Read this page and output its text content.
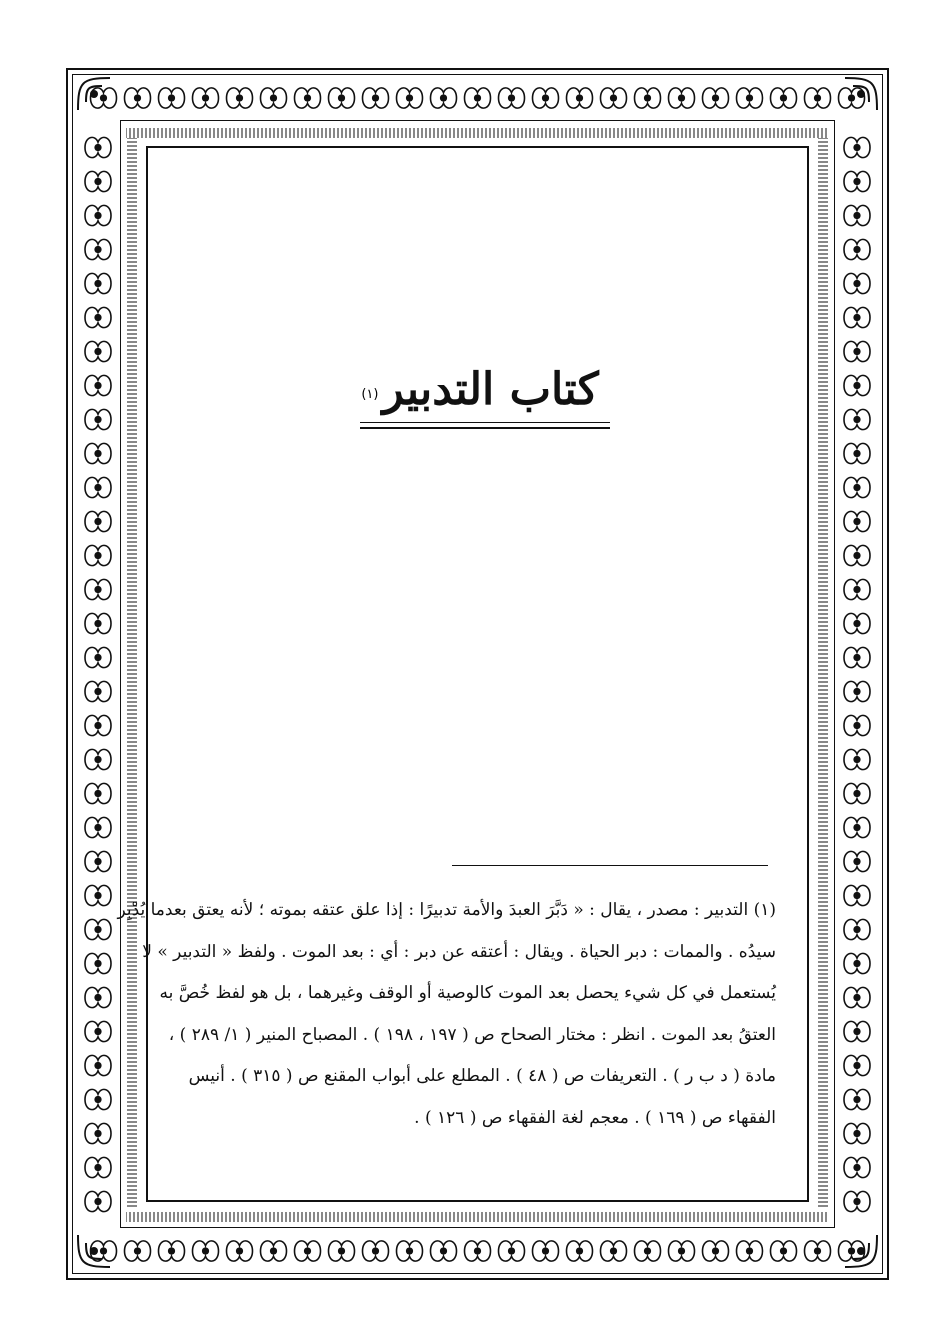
كتاب التدبير$^{(١)}$

(١) التدبير : مصدر ، يقال : « دَبَّرَ العبدَ والأمة تدبيرًا : إذا علق عتقه بموته ؛ لأنه يعتق بعدما يُدْبِر

سيدُه . والممات : دبر الحياة . ويقال : أعتقه عن دبر : أي : بعد الموت . ولفظ « التدبير » لا

يُستعمل في كل شيء يحصل بعد الموت كالوصية أو الوقف وغيرهما ، بل هو لفظ خُصَّ به

العتقُ بعد الموت . انظر : مختار الصحاح ص ( ١٩٧ ، ١٩٨ ) . المصباح المنير ( ١/ ٢٨٩ ) ،

مادة ( د ب ر ) . التعريفات ص ( ٤٨ ) . المطلع على أبواب المقنع ص ( ٣١٥ ) . أنيس

الفقهاء ص ( ١٦٩ ) . معجم لغة الفقهاء ص ( ١٢٦ ) .
